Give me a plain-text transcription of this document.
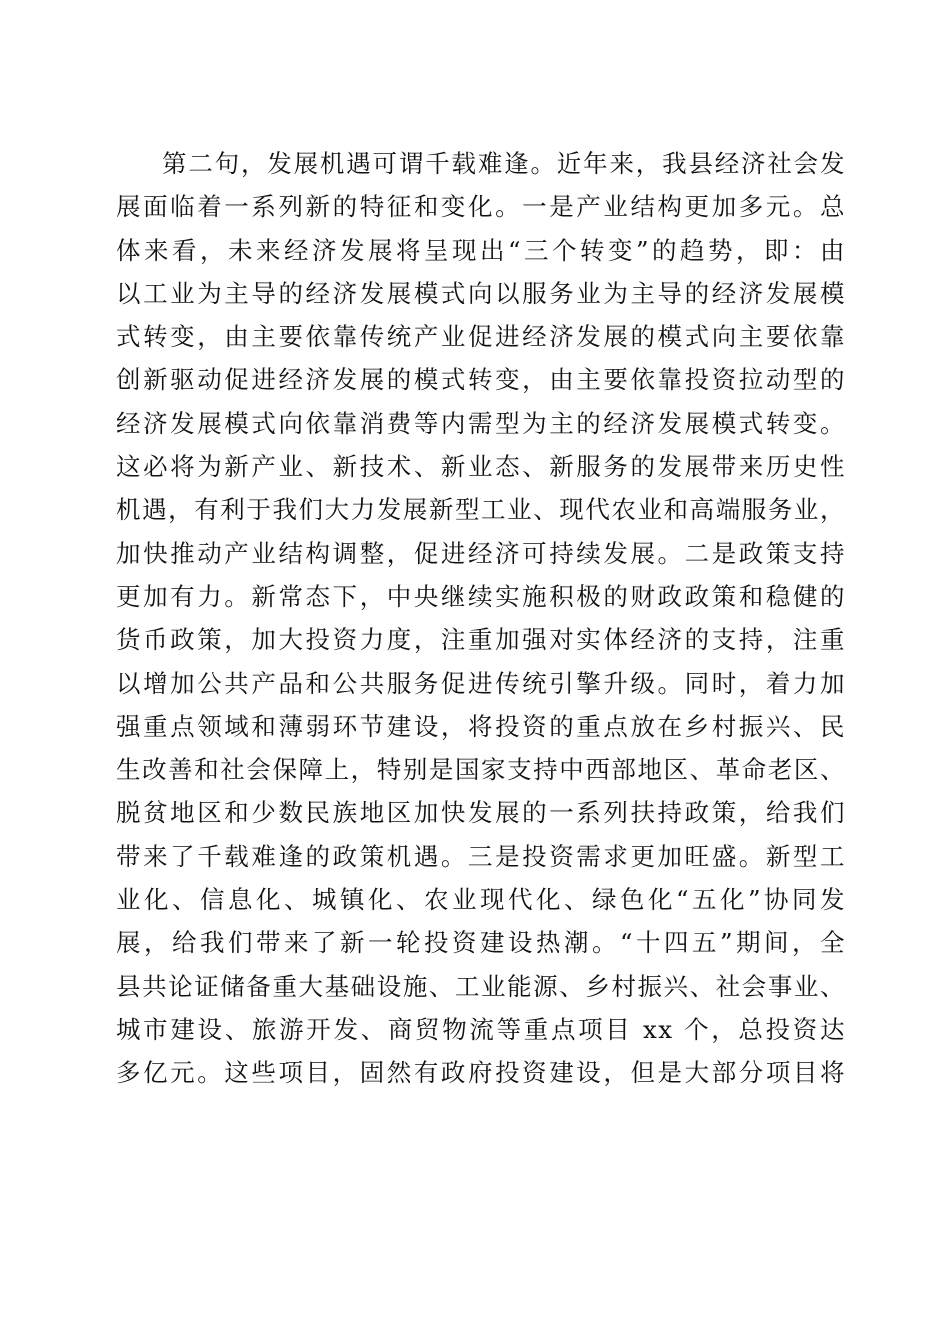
第二句，发展机遇可谓千载难逢。近年来，我县经济社会发
展面临着一系列新的特征和变化。一是产业结构更加多元。总
体来看，未来经济发展将呈现出“三个转变”的趋势，即：由
以工业为主导的经济发展模式向以服务业为主导的经济发展模
式转变，由主要依靠传统产业促进经济发展的模式向主要依靠
创新驱动促进经济发展的模式转变，由主要依靠投资拉动型的
经济发展模式向依靠消费等内需型为主的经济发展模式转变。
这必将为新产业、新技术、新业态、新服务的发展带来历史性
机遇，有利于我们大力发展新型工业、现代农业和高端服务业，
加快推动产业结构调整，促进经济可持续发展。二是政策支持
更加有力。新常态下，中央继续实施积极的财政政策和稳健的
货币政策，加大投资力度，注重加强对实体经济的支持，注重
以增加公共产品和公共服务促进传统引擎升级。同时，着力加
强重点领域和薄弱环节建设，将投资的重点放在乡村振兴、民
生改善和社会保障上，特别是国家支持中西部地区、革命老区、
脱贫地区和少数民族地区加快发展的一系列扶持政策，给我们
带来了千载难逢的政策机遇。三是投资需求更加旺盛。新型工
业化、信息化、城镇化、农业现代化、绿色化“五化”协同发
展，给我们带来了新一轮投资建设热潮。“十四五”期间，全
县共论证储备重大基础设施、工业能源、乡村振兴、社会事业、
城市建设、旅游开发、商贸物流等重点项目 xx 个，总投资达
多亿元。这些项目，固然有政府投资建设，但是大部分项目将
